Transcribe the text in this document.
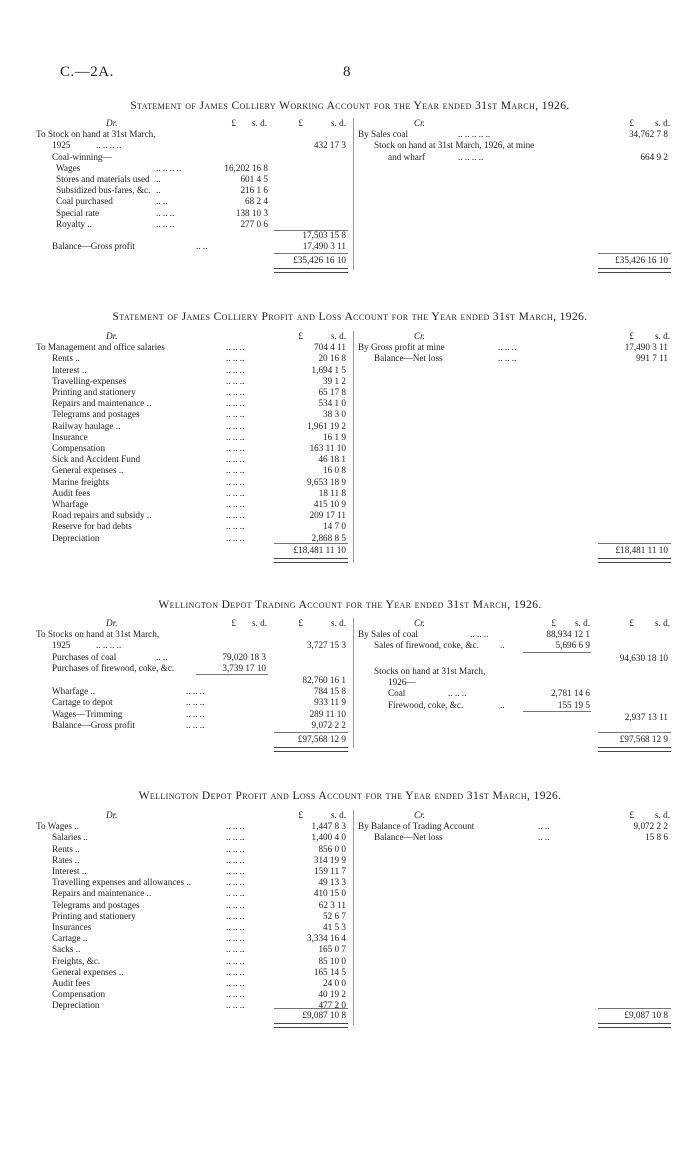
C.—2A.	8
Statement of James Colliery Working Account for the Year ended 31st March, 1926.
Dr.	£	s. d.	£	s. d.
To Stock on hand at 31st March,
1925	.. .. .. ..	432 17 3
Coal-winning—
Wages	.. .. .. ..	16,202 16 8
Stores and materials used ..	601 4 5
Subsidized bus-fares, &c. ..	216 1 6
Coal purchased	.. ..	68 2 4
Special rate	.. .. ..	138 10 3
Royalty ..	.. .. ..	277 0 6
17,503 15 8
Balance—Gross profit	.. ..	17,490 3 11
£35,426 16 10
Cr.	£	s. d.
By Sales coal	.. .. .. .. ..	34,762 7 8
Stock on hand at 31st March, 1926, at mine
and wharf	.. .. .. ..	664 9 2
£35,426 16 10
Statement of James Colliery Profit and Loss Account for the Year ended 31st March, 1926.
Dr.	£	s. d.
To Management and office salaries	.. .. ..	704 4 11
Rents ..	.. .. ..	20 16 8
Interest ..	.. .. ..	1,694 1 5
Travelling-expenses	.. .. ..	39 1 2
Printing and stationery	.. .. ..	65 17 8
Repairs and maintenance ..	.. .. ..	534 1 0
Telegrams and postages	.. .. ..	38 3 0
Railway haulage ..	.. .. ..	1,961 19 2
Insurance	.. .. ..	16 1 9
Compensation	.. .. ..	163 11 10
Sick and Accident Fund	.. .. ..	46 18 1
General expenses ..	.. .. ..	16 0 8
Marine freights	.. .. ..	9,653 18 9
Audit fees	.. .. ..	18 11 8
Wharfage	.. .. ..	415 10 9
Road repairs and subsidy ..	.. .. ..	209 17 11
Reserve for bad debts	.. .. ..	14 7 0
Depreciation	.. .. ..	2,868 8 5
£18,481 11 10
Cr.	£	s. d.
By Gross profit at mine	.. .. ..	17,490 3 11
Balance—Net loss	.. .. ..	991 7 11
£18,481 11 10
Wellington Depot Trading Account for the Year ended 31st March, 1926.
Dr.	£	s. d.	£	s. d.
To Stocks on hand at 31st March,
1925	.. .. .. ..	3,727 15 3
Purchases of coal	.. ..	79,020 18 3
Purchases of firewood, coke, &c.	3,739 17 10
82,760 16 1
Wharfage ..	.. .. ..	784 15 8
Cartage to depot	.. .. ..	933 11 9
Wages—Trimming	.. .. ..	289 11 10
Balance—Gross profit	.. .. ..	9,072 2 2
£97,568 12 9
Cr.	£	s. d.	£	s. d.
By Sales of coal	.. .. ..	88,934 12 1
Sales of firewood, coke, &c. ..	5,696 6 9
94,630 18 10
Stocks on hand at 31st March,
1926—
Coal	.. .. ..	2,781 14 6
Firewood, coke, &c.	..	155 19 5
2,937 13 11
£97,568 12 9
Wellington Depot Profit and Loss Account for the Year ended 31st March, 1926.
Dr.	£	s. d.
To Wages ..	.. .. ..	1,447 8 3
Salaries ..	.. .. ..	1,400 4 0
Rents ..	.. .. ..	856 0 0
Rates ..	.. .. ..	314 19 9
Interest ..	.. .. ..	159 11 7
Travelling expenses and allowances ..	.. .. ..	49 13 3
Repairs and maintenance ..	.. .. ..	410 15 0
Telegrams and postages	.. .. ..	62 3 11
Printing and stationery	.. .. ..	52 6 7
Insurances	.. .. ..	41 5 3
Cartage ..	.. .. ..	3,334 16 4
Sacks ..	.. .. ..	165 0 7
Freights, &c.	.. .. ..	85 10 0
General expenses ..	.. .. ..	165 14 5
Audit fees	.. .. ..	24 0 0
Compensation	.. .. ..	40 19 2
Depreciation	.. .. ..	477 2 0
£9,087 10 8
Cr.	£	s. d.
By Balance of Trading Account	.. ..	9,072 2 2
Balance—Net loss	.. ..	15 8 6
£9,087 10 8
